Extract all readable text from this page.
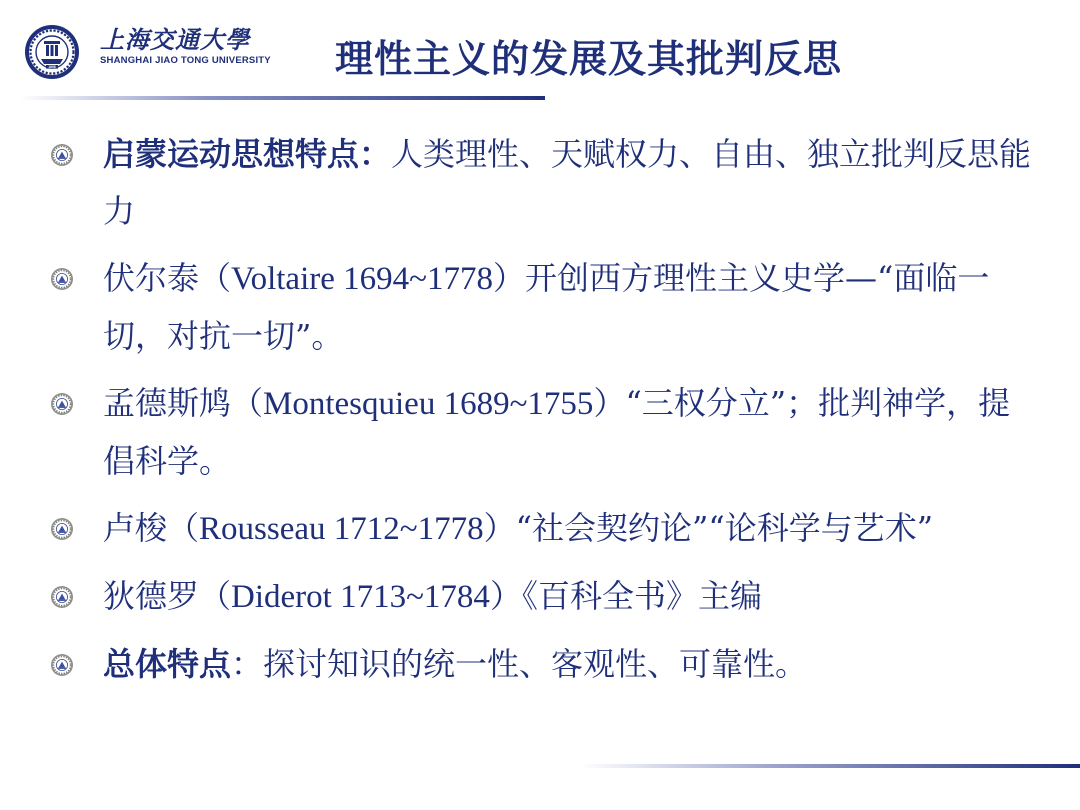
1896
上海交通大學
SHANGHAI JIAO TONG UNIVERSITY 理性主义的发展及其批判反思
启蒙运动思想特点：人类理性、天赋权力、自由、独立批判反思能力
伏尔泰（Voltaire 1694~1778）开创西方理性主义史学—“面临一切，对抗一切”。
孟德斯鸠（Montesquieu 1689~1755）“三权分立”；批判神学，提倡科学。
卢梭（Rousseau 1712~1778）“社会契约论”“论科学与艺术”
狄德罗（Diderot 1713~1784）《百科全书》主编
总体特点：探讨知识的统一性、客观性、可靠性。
